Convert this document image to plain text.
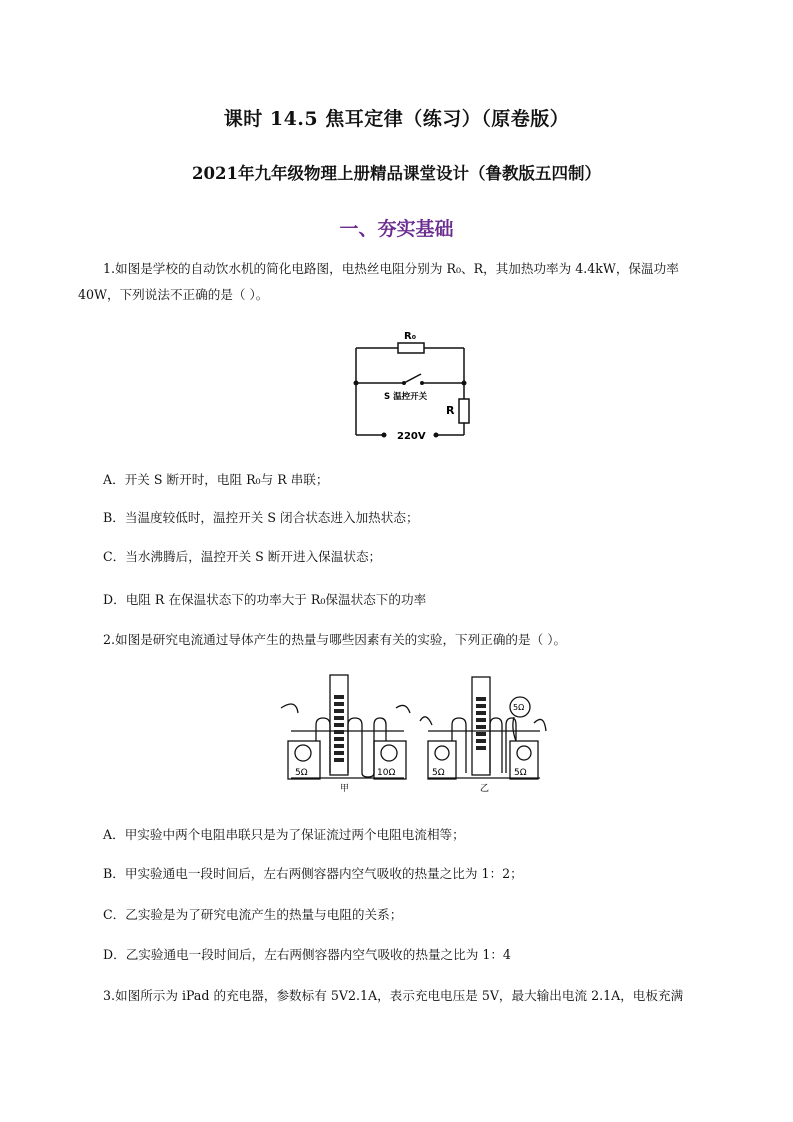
课时 14.5 焦耳定律（练习）（原卷版）
2021年九年级物理上册精品课堂设计（鲁教版五四制）
一、夯实基础
1.如图是学校的自动饮水机的简化电路图，电热丝电阻分别为 R₀、R，其加热功率为 4.4kW，保温功率 40W，下列说法不正确的是（ ）。
R₀
S 温控开关
R
220V
A．开关 S 断开时，电阻 R₀与 R 串联；
B．当温度较低时，温控开关 S 闭合状态进入加热状态；
C．当水沸腾后，温控开关 S 断开进入保温状态；
D．电阻 R 在保温状态下的功率大于 R₀保温状态下的功率
2.如图是研究电流通过导体产生的热量与哪些因素有关的实验，下列正确的是（ ）。
5Ω	10Ω
甲
5Ω
5Ω	5Ω
乙
A．甲实验中两个电阻串联只是为了保证流过两个电阻电流相等；
B．甲实验通电一段时间后，左右两侧容器内空气吸收的热量之比为 1：2；
C．乙实验是为了研究电流产生的热量与电阻的关系；
D．乙实验通电一段时间后，左右两侧容器内空气吸收的热量之比为 1：4
3.如图所示为 iPad 的充电器，参数标有 5V2.1A，表示充电电压是 5V，最大输出电流 2.1A，电板充满
